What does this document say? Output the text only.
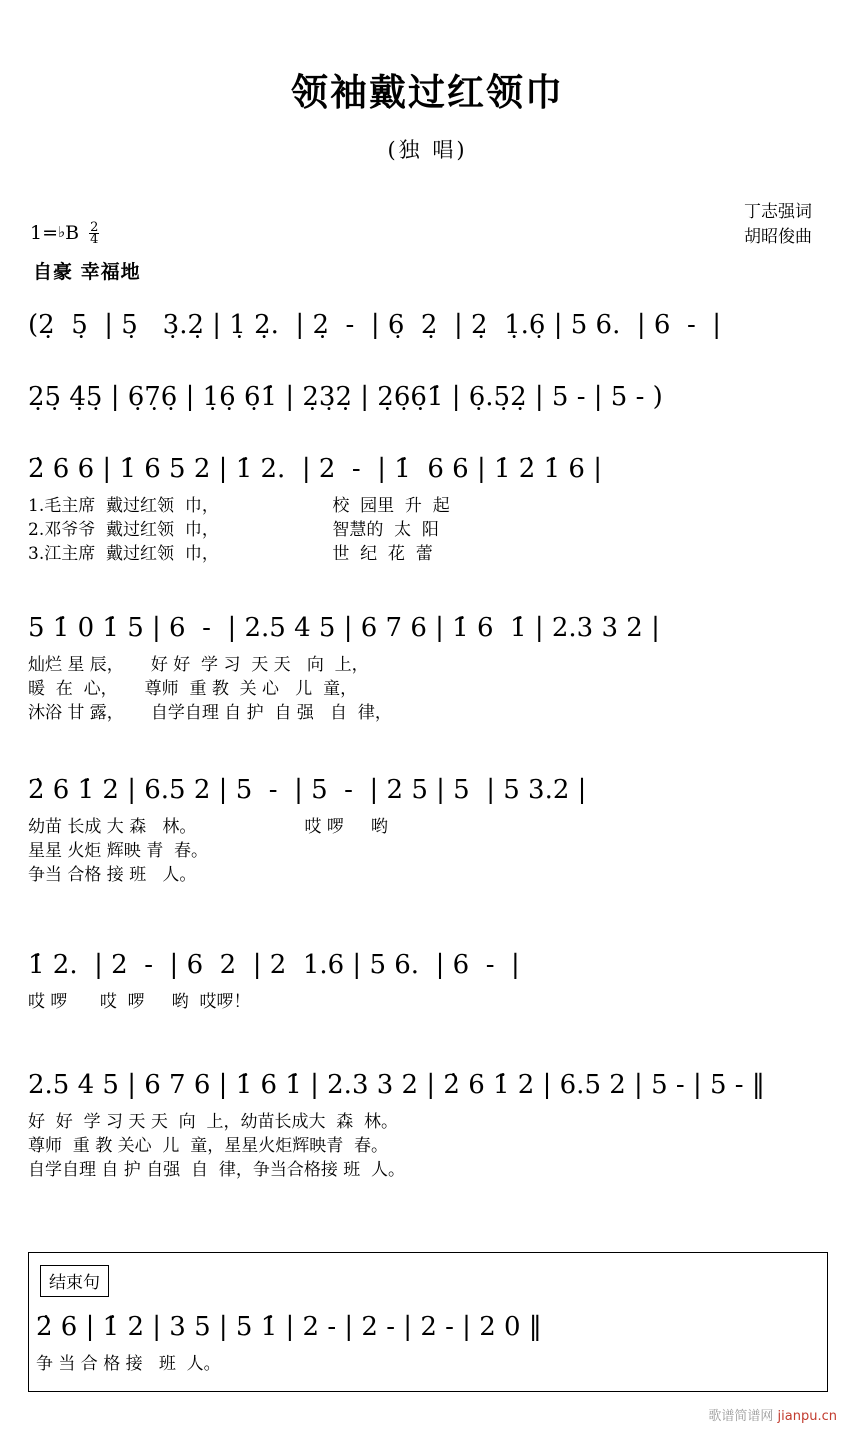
领袖戴过红领巾
(独 唱)
丁志强词
胡昭俊曲
1=♭B $\frac{2}{4}$
自豪 幸福地
(2̣  5̣  | 5̣   3̣.2̣ | 1̣ 2̣.  | 2̣  -  | 6̣  2̣  | 2̣  1̣.6̣ | 5 6.  | 6  -  |
2̣5̣ 4̣5̣ | 6̣7̣6̣ | 1̣6̣ 6̣1̇ | 2̣3̣2̣ | 2̣6̣6̣1̇ | 6̣.5̣2̣ | 5 - | 5 - )
2̇ 6 6 | 1̇ 6 5 2 | 1̇ 2.  | 2  -  | 1̇  6 6 | 1̇ 2̇ 1̇ 6 |
1.毛主席  戴过红领  巾，                     校  园里  升  起
2.邓爷爷  戴过红领  巾，                     智慧的  太  阳
3.江主席  戴过红领  巾，                     世  纪  花  蕾
5 1̇ 0 1̇ 5 | 6  -  | 2.5 4 5 | 6 7 6 | 1̇ 6  1̇ | 2.3 3 2 |
灿烂 星 辰，     好 好  学 习  天 天   向  上，
暖  在  心，     尊师  重 教  关 心   儿  童，
沐浴 甘 露，     自学自理 自 护  自 强   自  律，
2̇ 6 1̇ 2 | 6.5 2 | 5  -  | 5  -  | 2 5 | 5  | 5 3.2 |
幼苗 长成 大 森   林。                    哎 啰     哟
星星 火炬 辉映 青  春。
争当 合格 接 班   人。
1̇ 2.  | 2  -  | 6  2  | 2  1.6 | 5 6.  | 6  -  |
哎 啰      哎  啰     哟  哎啰！
2.5 4 5 | 6 7 6 | 1̇ 6 1̇ | 2.3 3 2 | 2̇ 6 1̇ 2 | 6.5 2 | 5 - | 5 - ‖
好  好  学 习 天 天  向  上，幼苗长成大  森  林。
尊师  重 教 关心  儿  童，星星火炬辉映青  春。
自学自理 自 护 自强  自  律，争当合格接 班  人。
结束句
2̇ 6 | 1̇ 2 | 3 5 | 5 1̇ | 2 - | 2 - | 2 - | 2 0 ‖
争 当 合 格 接   班  人。
歌谱简谱网 jianpu.cn
